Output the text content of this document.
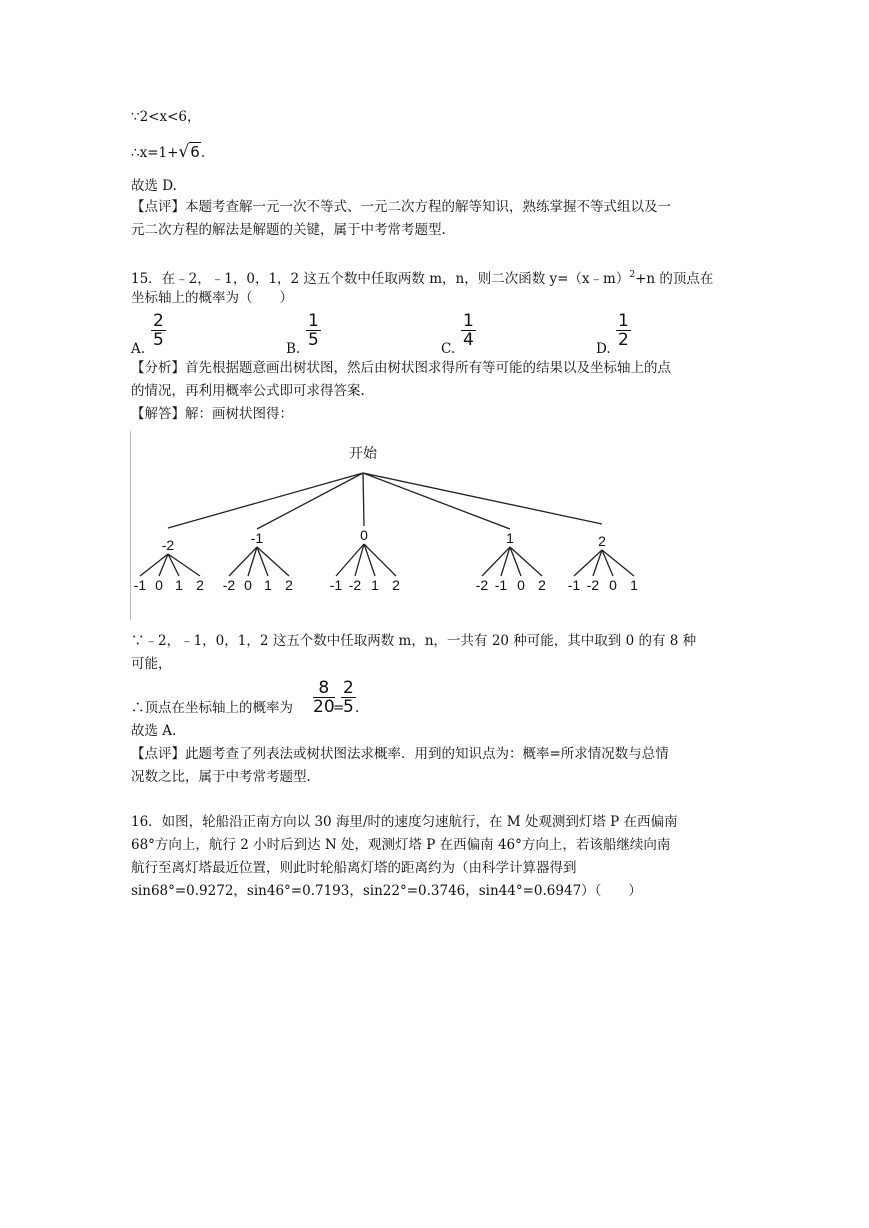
∵2<x<6，
∴x=1+√6.
故选 D.
【点评】本题考查解一元一次不等式、一元二次方程的解等知识，熟练掌握不等式组以及一
元二次方程的解法是解题的关键，属于中考常考题型.
15．在﹣2，﹣1，0，1，2 这五个数中任取两数 m，n，则二次函数 y=（x﹣m）$^2$+n 的顶点在
坐标轴上的概率为（　　）
A. $\frac{2}{5}$	B. $\frac{1}{5}$	C. $\frac{1}{4}$	D. $\frac{1}{2}$
【分析】首先根据题意画出树状图，然后由树状图求得所有等可能的结果以及坐标轴上的点
的情况，再利用概率公式即可求得答案.
【解答】解：画树状图得：
开始
-2
-1 0 1 2
-1
-2 0 1 2
0
-1 -2 1 2
1
-2 -1 0 2
2
-1 -2 0 1
∵﹣2，﹣1，0，1，2 这五个数中任取两数 m，n，一共有 20 种可能，其中取到 0 的有 8 种
可能，
∴顶点在坐标轴上的概率为 $\frac{8}{20}$
=
$\frac{2}{5}$ .
故选 A.
【点评】此题考查了列表法或树状图法求概率．用到的知识点为：概率=所求情况数与总情
况数之比，属于中考常考题型.
16．如图，轮船沿正南方向以 30 海里/时的速度匀速航行，在 M 处观测到灯塔 P 在西偏南
68°方向上，航行 2 小时后到达 N 处，观测灯塔 P 在西偏南 46°方向上，若该船继续向南
航行至离灯塔最近位置，则此时轮船离灯塔的距离约为（由科学计算器得到
sin68°=0.9272，sin46°=0.7193，sin22°=0.3746，sin44°=0.6947）（　　）
